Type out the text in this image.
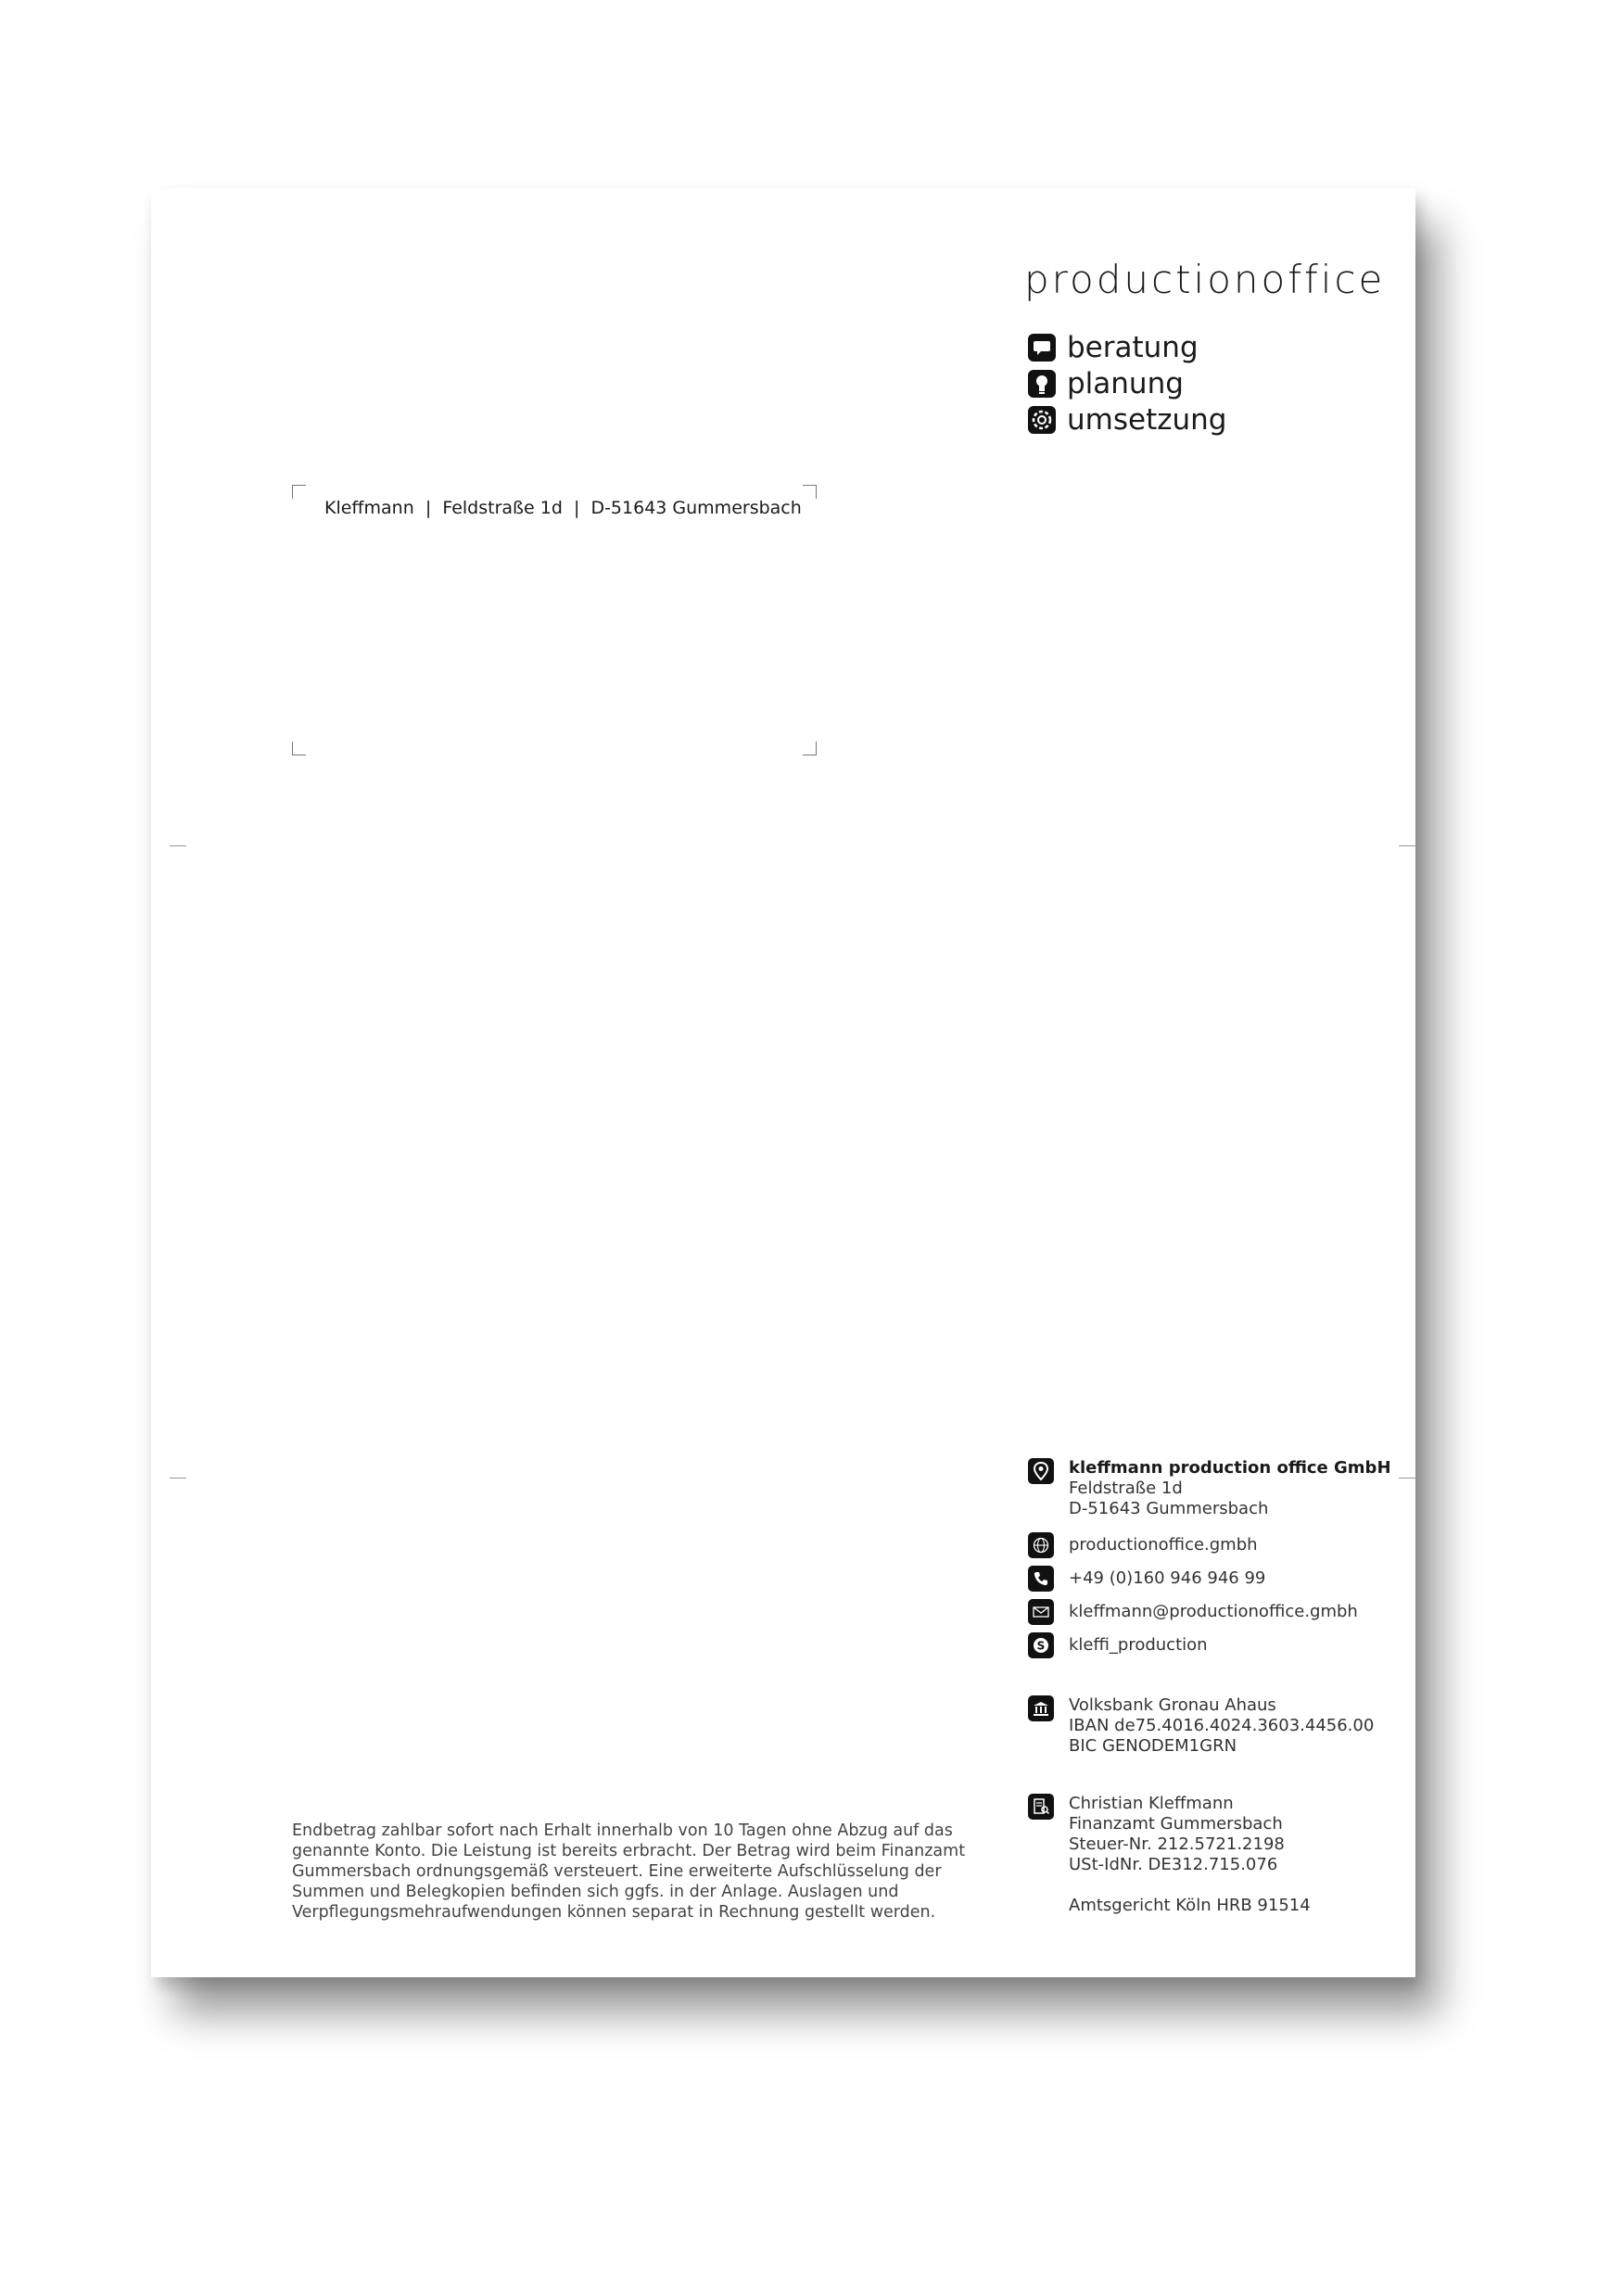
productionoffice
beratung
planung
umsetzung
Kleffmann  |  Feldstraße 1d  |  D-51643 Gummersbach
kleffmann production office GmbH
Feldstraße 1d
D-51643 Gummersbach
productionoffice.gmbh
+49 (0)160 946 946 99
kleffmann@productionoffice.gmbh
S kleffi_production
Volksbank Gronau Ahaus
IBAN de75.4016.4024.3603.4456.00
BIC GENODEM1GRN
Christian Kleffmann
Finanzamt Gummersbach
Steuer-Nr. 212.5721.2198
USt-IdNr. DE312.715.076
Amtsgericht Köln HRB 91514
Endbetrag zahlbar sofort nach Erhalt innerhalb von 10 Tagen ohne Abzug auf das genannte Konto. Die Leistung ist bereits erbracht. Der Betrag wird beim Finanzamt Gummersbach ordnungsgemäß versteuert. Eine erweiterte Aufschlüsselung der Summen und Belegkopien befinden sich ggfs. in der Anlage. Auslagen und Verpflegungsmehraufwendungen können separat in Rechnung gestellt werden.
